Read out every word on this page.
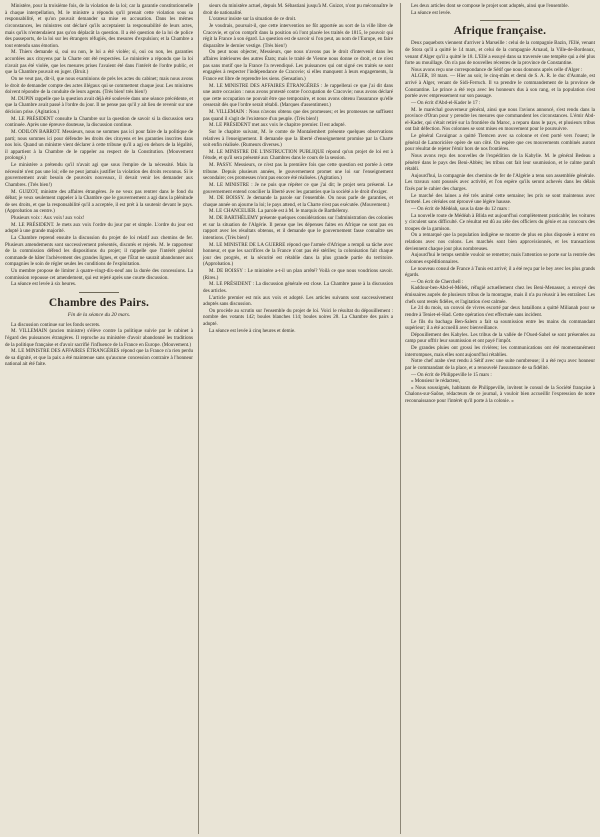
Ministère, pour la troisième fois, de la violation de la loi; car la garantie constitutionnelle à chaque interpellation, M. le ministre a répondu qu'il prenait cette violation sous sa responsabilité, et qu'on pouvait demander sa mise en accusation. Dans les mémes circonstances, les ministres ont déclaré qu'ils acceptaient la responsabilité de leurs actes, mais qu'ils n'entendaient pas qu'on déplacât la question. Il a été question de la loi de police des passeports, de la loi sur les étrangers réfugiés, des mesures d'expulsion; et la Chambre a tout entendu sans émotion.

M. Thiers demande si, oui ou non, le loi a été violée; si, oui ou non, les garanties accordées aux citoyens par la Charte ont été respectées. Le ministère a répondu que la loi n'avait pas été violée, que les mesures prises l'avaient été dans l'intérét de l'ordre public, et que la Chambre pouvait en juger. (Bruit.)

On ne veut pas, dit-il, que nous examinions de près les actes du cabinet; mais nous avons le droit de demander compte des actes illégaux qui se commettent chaque jour. Les ministres doivent répondre de la conduite de leurs agents. (Très bien! très bien!)

M. DUPIN rappelle que la question avait déjà été soulevée dans une séance précédente, et que la Chambre avait passé à l'ordre du jour. Il ne pense pas qu'il y ait lieu de revenir sur une décision prise. (Agitation.)

M. LE PRÉSIDENT consulte la Chambre sur la question de savoir si la discussion sera continuée. Après une épreuve douteuse, la discussion continue.

M. ODILON BARROT. Messieurs, nous ne sommes pas ici pour faire de la politique de parti; nous sommes ici pour défendre les droits des citoyens et les garanties inscrites dans nos lois. Quand un ministre vient déclarer à cette tribune qu'il a agi en dehors de la légalité, il appartient à la Chambre de le rappeler au respect de la Constitution. (Mouvement prolongé.)

Le ministère a prétendu qu'il n'avait agi que sous l'empire de la nécessité. Mais la nécessité n'est pas une loi; elle ne peut jamais justifier la violation des droits reconnus. Si le gouvernement avait besoin de pouvoirs nouveaux, il devait venir les demander aux Chambres. (Très bien!)

M. GUIZOT, ministre des affaires étrangères. Je ne veux pas rentrer dans le fond du débat; je veux seulement rappeler à la Chambre que le gouvernement a agi dans la plénitude de ses droits, et que la responsabilité qu'il a acceptée, il est prét à la soutenir devant le pays. (Approbation au centre.)

Plusieurs voix : Aux voix! aux voix!

M. LE PRÉSIDENT. Je mets aux voix l'ordre du jour pur et simple. L'ordre du jour est adopté à une grande majorité.

La Chambre reprend ensuite la discussion du projet de loi relatif aux chemins de fer. Plusieurs amendements sont successivement présentés, discutés et rejetés. M. le rapporteur de la commission défend les dispositions du projet; il rappelle que l'intérét général commande de hâter l'achèvement des grandes lignes, et que l'État ne saurait abandonner aux compagnies le soin de régler seules les conditions de l'exploitation.

Un membre propose de limiter à quatre-vingt-dix-neuf ans la durée des concessions. La commission repousse cet amendement, qui est rejeté après une courte discussion.

La séance est levée à six heures.

Chambre des Pairs.
Fin de la séance du 20 mars.

La discussion continue sur les fonds secrets.

M. VILLEMAIN (ancien ministre) s'élève contre la politique suivie par le cabinet à l'égard des puissances étrangères. Il reproche au ministère d'avoir abandonné les traditions de la politique française et d'avoir sacrifié l'influence de la France en Europe. (Mouvement.)

M. LE MINISTRE DES AFFAIRES ÉTRANGÈRES répond que la France n'a rien perdu de sa dignité, et que la paix a été maintenue sans qu'aucune concession contraire à l'honneur national ait été faite.

sieurs du ministère actuel, depuis M. Sébastiani jusqu'à M. Guizot, n'ont pu méconnaître le droit de nationalité.

L'orateur insiste sur la situation de ce droit.

Je voudrais, poursuit-il, que cette intervention ne fût apportée au sort de la ville libre de Cracovie, et qu'on comprît dans la position où l'ont placée les traités de 1815, le pouvoir qui régit la France à son égard. La question est de savoir si l'on peut, au nom de l'Europe, en faire disparaître le dernier vestige. (Très bien!)

On peut nous objecter, Messieurs, que nous n'avons pas le droit d'intervenir dans les affaires intérieures des autres États; mais le traité de Vienne nous donne ce droit, et ce n'est pas sans motif que la France l'a revendiqué. Les puissances qui ont signé ces traités se sont engagées à respecter l'indépendance de Cracovie; si elles manquent à leurs engagements, la France est libre de reprendre les siens. (Sensation.)

M. LE MINISTRE DES AFFAIRES ÉTRANGÈRES : Je rappellerai ce que j'ai dit dans une autre occasion : nous avons protesté contre l'occupation de Cracovie; nous avons déclaré que cette occupation ne pouvait être que temporaire, et nous avons obtenu l'assurance qu'elle cesserait dès que l'ordre serait rétabli. (Marques d'assentiment.)

M. VILLEMAIN : Nous n'avons obtenu que des promesses; et les promesses ne suffisent pas quand il s'agit de l'existence d'un peuple. (Très bien!)

M. LE PRÉSIDENT met aux voix le chapitre premier. Il est adopté.

Sur le chapitre suivant, M. le comte de Montalembert présente quelques observations relatives à l'enseignement. Il demande que la liberté d'enseignement promise par la Charte soit enfin réalisée. (Rumeurs diverses.)

M. LE MINISTRE DE L'INSTRUCTION PUBLIQUE répond qu'un projet de loi est à l'étude, et qu'il sera présenté aux Chambres dans le cours de la session.

M. PASSY. Messieurs, ce n'est pas la première fois que cette question est portée à cette tribune. Depuis plusieurs années, le gouvernement promet une loi sur l'enseignement secondaire; ces promesses n'ont pas encore été réalisées. (Agitation.)

M. LE MINISTRE : Je ne puis que répéter ce que j'ai dit; le projet sera présenté. Le gouvernement entend concilier la liberté avec les garanties que la société a le droit d'exiger.

M. DE BOISSY. Je demande la parole sur l'ensemble. On nous parle de garanties, et chaque année on ajourne la loi; le pays attend, et la Charte n'est pas exécutée. (Mouvement.)

M. LE CHANCELIER. La parole est à M. le marquis de Barthélemy.

M. DE BARTHÉLEMY présente quelques considérations sur l'administration des colonies et sur la situation de l'Algérie. Il pense que les dépenses faites en Afrique ne sont pas en rapport avec les résultats obtenus, et il demande que le gouvernement fasse connaître ses intentions. (Très bien!)

M. LE MINISTRE DE LA GUERRE répond que l'armée d'Afrique a rempli sa tâche avec honneur, et que les sacrifices de la France n'ont pas été stériles; la colonisation fait chaque jour des progrès, et la sécurité est rétablie dans la plus grande partie du territoire. (Approbation.)

M. DE BOISSY : Le ministère a-t-il un plan arrêté? Voilà ce que nous voudrions savoir. (Rires.)

M. LE PRÉSIDENT : La discussion générale est close. La Chambre passe à la discussion des articles.

L'article premier est mis aux voix et adopté. Les articles suivants sont successivement adoptés sans discussion.

On procède au scrutin sur l'ensemble du projet de loi. Voici le résultat du dépouillement : nombre des votants 142; boules blanches 114; boules noires 28. La Chambre des pairs a adopté.

La séance est levée à cinq heures et demie.

Les deux articles dont se compose le projet sont adoptés, ainsi que l'ensemble.

La séance est levée.

Afrique française.

Deux paquebots viennent d'arriver à Marseille : celui de la compagnie Bazin, l'Ellé, venant de Stora qu'il a quitté le 14 mars, et celui de la compagnie Arnaud, la Ville-de-Bordeaux, venant d'Alger qu'il a quitté le 18. L'Ellé a essuyé dans sa traversée une tempête qui a été plus forte au mouillage. On n'a pas de nouvelles récentes de la province de Constantine.

Nous avons reçu une correspondance de Sétif que nous donnons après celle d'Alger :

ALGER, 18 mars. — Hier au soir, le cinq-mâts et demi de S. A. R. le duc d'Aumale, est arrivé à Alger, venant de Sidi-Ferruch. Il va prendre le commandement de la province de Constantine. Le prince a été reçu avec les honneurs dus à son rang, et la population s'est portée avec empressement sur son passage.

— On écrit d'Abd-el-Kader le 17 :

M. le maréchal gouverneur général, ainsi que nous l'avions annoncé, s'est rendu dans la province d'Oran pour y prendre les mesures que commandent les circonstances. L'émir Abd-el-Kader, qui s'était retiré sur la frontière du Maroc, a reparu dans le pays, et plusieurs tribus ont fait défection. Nos colonnes se sont mises en mouvement pour le poursuivre.

Le général Cavaignac a quitté Tlemcen avec sa colonne et s'est porté vers l'ouest; le général de Lamoricière opère de son côté. On espère que ces mouvements combinés auront pour résultat de rejeter l'émir hors de nos frontières.

Nous avons reçu des nouvelles de l'expédition de la Kabylie. M. le général Bedeau a pénétré dans le pays des Beni-Abbès; les tribus ont fait leur soumission, et le calme paraît rétabli.

Aujourd'hui, la compagnie des chemins de fer de l'Algérie a tenu son assemblée générale. Les travaux sont poussés avec activité, et l'on espère qu'ils seront achevés dans les délais fixés par le cahier des charges.

Le marché des laines a été très animé cette semaine; les prix se sont maintenus avec fermeté. Les céréales ont éprouvé une légère hausse.

— On écrit de Médéah, sous la date du 12 mars :

La nouvelle route de Médéah à Blida est aujourd'hui complètement praticable; les voitures y circulent sans difficulté. Ce résultat est dû au zèle des officiers du génie et au concours des troupes de la garnison.

On a remarqué que la population indigène se montre de plus en plus disposée à entrer en relations avec nos colons. Les marchés sont bien approvisionnés, et les transactions deviennent chaque jour plus nombreuses.

Aujourd'hui le temps semble vouloir se remettre; mais l'attention se porte sur la rentrée des colonnes expéditionnaires.

Le nouveau consul de France à Tunis est arrivé; il a été reçu par le bey avec les plus grands égards.

— On écrit de Cherchell :

Kaddour-ben-Abd-el-Mélek, réfugié actuellement chez les Beni-Menasser, a envoyé des émissaires auprès de plusieurs tribus de la montagne, mais il n'a pu réussir à les entraîner. Les chefs sont restés fidèles, et l'agitation s'est calmée.

Le 24 du mois, un convoi de vivres escorté par deux bataillons a quitté Milianah pour se rendre à Teniet-el-Had. Cette opération s'est effectuée sans incident.

Le fils du bachaga Ben-Salem a fait sa soumission entre les mains du commandant supérieur; il a été accueilli avec bienveillance.

Dépouillement des Kabyles. Les tribus de la vallée de l'Oued-Sahel se sont présentées au camp pour offrir leur soumission et ont payé l'impôt.

De grandes pluies ont grossi les rivières; les communications ont été momentanément interrompues, mais elles sont aujourd'hui rétablies.

Notre chef arabe s'est rendu à Sétif avec une suite nombreuse; il a été reçu avec honneur par le commandant de la place, et a renouvelé l'assurance de sa fidélité.

— On écrit de Philippeville le 15 mars :

« Monsieur le rédacteur,

« Nous soussignés, habitants de Philippeville, invitent le consul de la Société française à Chalons-sur-Saône, rédacteurs de ce journal, à vouloir bien accueillir l'expression de notre reconnaissance pour l'intérét qu'il porte à la colonie. »
